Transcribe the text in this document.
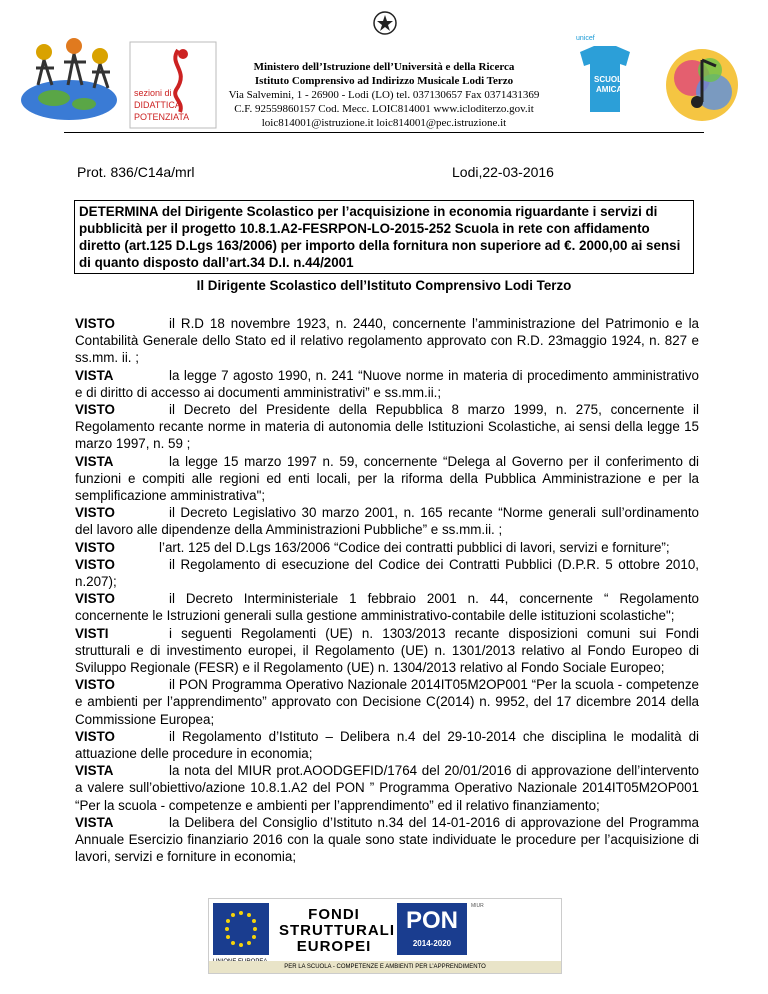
sezioni di
DIDATTICA
POTENZIATA
Ministero dell’Istruzione dell’Università e della Ricerca
Istituto Comprensivo ad Indirizzo Musicale Lodi Terzo
Via Salvemini, 1 - 26900 - Lodi (LO) tel. 037130657 Fax 0371431369
C.F. 92559860157 Cod. Mecc. LOIC814001 www.icloditerzo.gov.it
loic814001@istruzione.it loic814001@pec.istruzione.it
unicef
SCUOLA
AMICA
Prot. 836/C14a/mrl	Lodi,22-03-2016
DETERMINA del Dirigente Scolastico per l’acquisizione in economia riguardante i servizi di pubblicità per il progetto 10.8.1.A2-FESRPON-LO-2015-252 Scuola in rete con affidamento diretto (art.125 D.Lgs 163/2006) per importo della fornitura non superiore ad €. 2000,00 ai sensi di quanto disposto dall’art.34 D.I. n.44/2001
Il Dirigente Scolastico dell’Istituto Comprensivo Lodi Terzo

VISTO	il R.D 18 novembre 1923, n. 2440, concernente l’amministrazione del Patrimonio e la Contabilità Generale dello Stato ed il relativo regolamento approvato con R.D. 23maggio 1924, n. 827 e ss.mm. ii. ;

VISTA	la legge 7 agosto 1990, n. 241 “Nuove norme in materia di procedimento amministrativo e di diritto di accesso ai documenti amministrativi” e ss.mm.ii.;

VISTO	il Decreto del Presidente della Repubblica 8 marzo 1999, n. 275, concernente il Regolamento recante norme in materia di autonomia delle Istituzioni Scolastiche, ai sensi della legge 15 marzo 1997, n. 59 ;

VISTA	la legge 15 marzo 1997 n. 59, concernente “Delega al Governo per il conferimento di funzioni e compiti alle regioni ed enti locali, per la riforma della Pubblica Amministrazione e per la semplificazione amministrativa";

VISTO	il Decreto Legislativo 30 marzo 2001, n. 165 recante “Norme generali sull’ordinamento del lavoro alle dipendenze della Amministrazioni Pubbliche” e ss.mm.ii. ;

VISTO	l’art. 125 del D.Lgs 163/2006 “Codice dei contratti pubblici di lavori, servizi e forniture”;

VISTO	il Regolamento di esecuzione del Codice dei Contratti Pubblici (D.P.R. 5 ottobre 2010, n.207);

VISTO	il Decreto Interministeriale 1 febbraio 2001 n. 44, concernente “ Regolamento concernente le Istruzioni generali sulla gestione amministrativo-contabile delle istituzioni scolastiche";

VISTI	i seguenti Regolamenti (UE) n. 1303/2013 recante disposizioni comuni sui Fondi strutturali e di investimento europei, il Regolamento (UE) n. 1301/2013 relativo al Fondo Europeo di Sviluppo Regionale (FESR) e il Regolamento (UE) n. 1304/2013 relativo al Fondo Sociale Europeo;

VISTO	il PON Programma Operativo Nazionale 2014IT05M2OP001 “Per la scuola - competenze e ambienti per l’apprendimento” approvato con Decisione C(2014) n. 9952, del 17 dicembre 2014 della Commissione Europea;

VISTO	il Regolamento d’Istituto – Delibera n.4 del 29-10-2014 che disciplina le modalità di attuazione delle procedure in economia;

VISTA	la nota del MIUR prot.AOODGEFID/1764 del 20/01/2016 di approvazione dell’intervento a valere sull’obiettivo/azione 10.8.1.A2 del PON ” Programma Operativo Nazionale 2014IT05M2OP001 “Per la scuola - competenze e ambienti per l’apprendimento” ed il relativo finanziamento;

VISTA	la Delibera del Consiglio d’Istituto n.34 del 14-01-2016 di approvazione del Programma Annuale Esercizio finanziario 2016 con la quale sono state individuate le procedure per l’acquisizione di lavori, servizi e forniture in economia;

FONDI STRUTTURALI EUROPEI
PON
2014-2020
MIUR
PER LA SCUOLA - COMPETENZE E AMBIENTI PER L’APPRENDIMENTO
